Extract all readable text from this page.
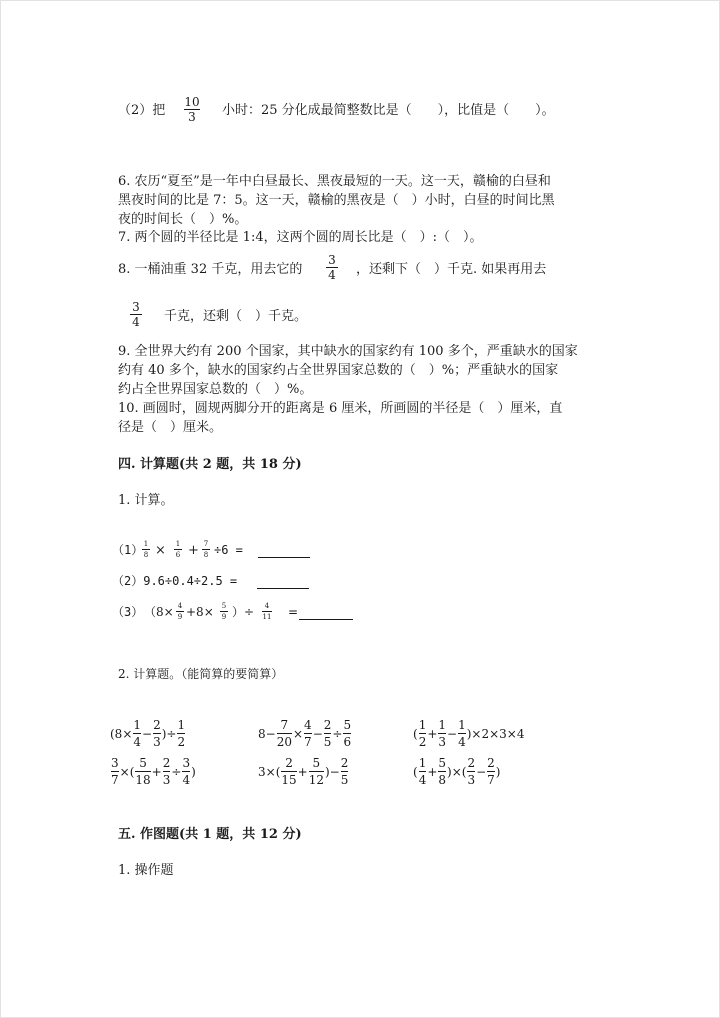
（2）把
10
3	小时：25 分化成最简整数比是（　　），比值是（　　）。
6. 农历“夏至”是一年中白昼最长、黑夜最短的一天。这一天，赣榆的白昼和
黑夜时间的比是 7：5。这一天，赣榆的黑夜是（　）小时，白昼的时间比黑
夜的时间长（　）%。
7. 两个圆的半径比是 1:4，这两个圆的周长比是（　）:（　）。
8. 一桶油重 32 千克，用去它的
3
4 ，还剩下（　）千克. 如果再用去
3
4 千克，还剩（　）千克。
9. 全世界大约有 200 个国家，其中缺水的国家约有 100 多个，严重缺水的国家
约有 40 多个，缺水的国家约占全世界国家总数的（　）%；严重缺水的国家
约占全世界国家总数的（　）%。
10. 画圆时，圆规两脚分开的距离是 6 厘米，所画圆的半径是（　）厘米，直
径是（　）厘米。
四. 计算题(共 2 题，共 18 分)
1. 计算。
（1） 1
8 × 1
6 + 7
8 ÷6 =
（2）9.6÷0.4÷2.5 =
（3） （8× 4
9 +8× 5
9 ）÷	4
11 =
2. 计算题。（能简算的要简算）
($8\times \frac{1}{4} - \frac{2}{3}$ )÷ $\frac{1}{2}$	$8- \frac{7}{20} \times \frac{4}{7} - \frac{2}{5} \div \frac{5}{6}$	( $\frac{1}{2} + \frac{1}{3} - \frac{1}{4} )\times 2\times 3\times 4$
$\frac{3}{7}$ ×( $\frac{5}{18} + \frac{2}{3} \div \frac{3}{4}$ )	$3\times( \frac{2}{15} + \frac{5}{12}$ )− $\frac{2}{5}$	( $\frac{1}{4} + \frac{5}{8}$ )×( $\frac{2}{3} - \frac{2}{7}$ )
五. 作图题(共 1 题，共 12 分)
1. 操作题
